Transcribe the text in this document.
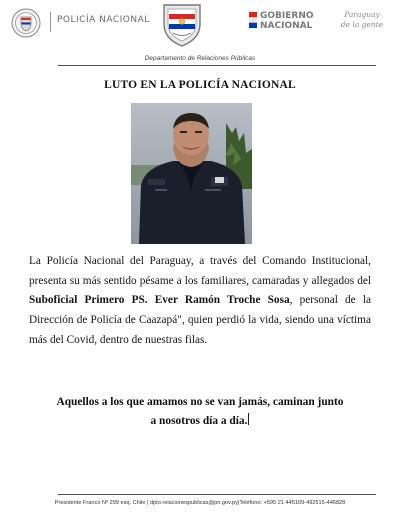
POLICÍA NACIONAL	GOBIERNO
NACIONAL
Paraguay
de la gente
Departamento de Relaciones Públicas
LUTO EN LA POLICÍA NACIONAL
La Policía Nacional del Paraguay, a través del Comando Institucional, presenta su más sentido pésame a los familiares, camaradas y allegados del Suboficial Primero PS. Ever Ramón Troche Sosa, personal de la Dirección de Policía de Caazapá", quien perdió la vida, siendo una víctima más del Covid, dentro de nuestras filas.
Aquellos a los que amamos no se van jamás, caminan junto
a nosotros día a día.
Presidente Franco Nº 299 esq. Chile | dpto.relacionespublicas@pn.gov.py|Teléfono: +595 21 445109-492515-446828
